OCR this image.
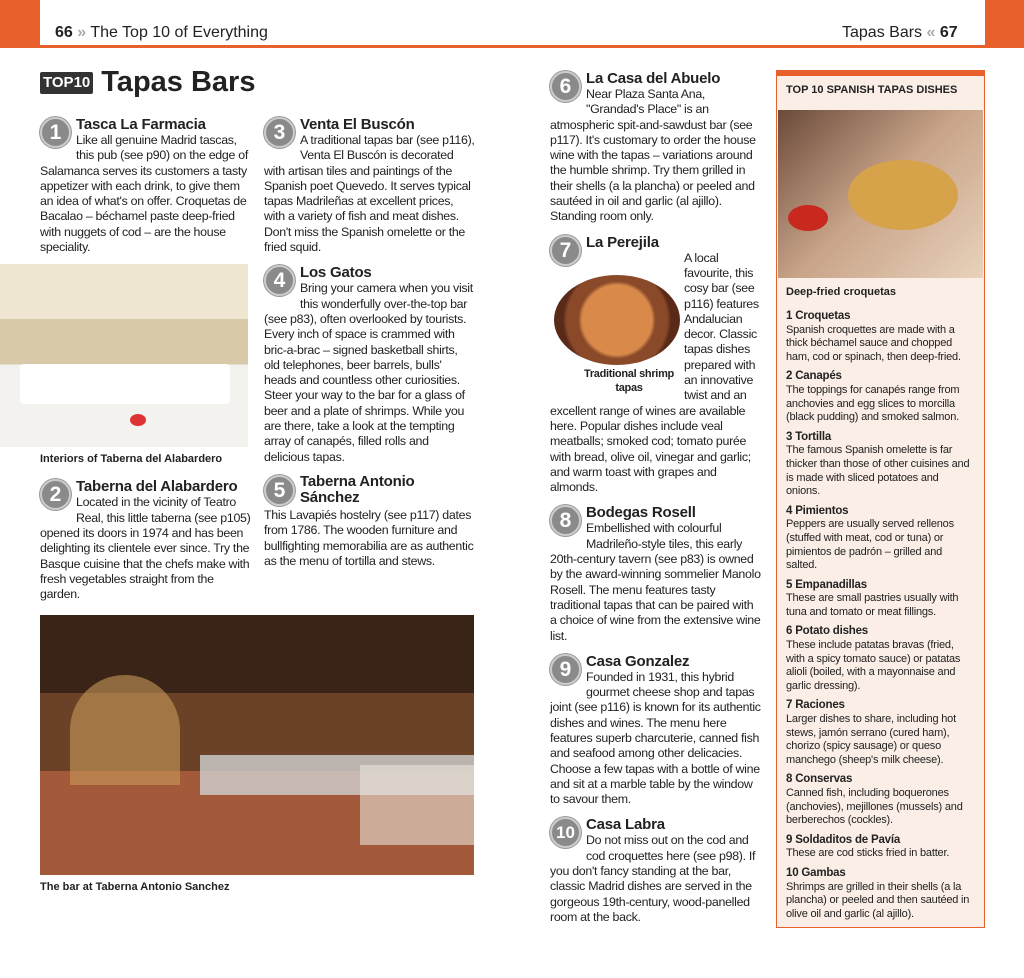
66 » The Top 10 of Everything	Tapas Bars « 67
TOP10 Tapas Bars
1 Tasca La Farmacia

Like all genuine Madrid tascas, this pub (see p90) on the edge of Salamanca serves its customers a tasty appetizer with each drink, to give them an idea of what's on offer. Croquetas de Bacalao – béchamel paste deep-fried with nuggets of cod – are the house speciality.

Interiors of Taberna del Alabardero
2 Taberna del Alabardero

Located in the vicinity of Teatro Real, this little taberna (see p105) opened its doors in 1974 and has been delighting its clientele ever since. Try the Basque cuisine that the chefs make with fresh vegetables straight from the garden.

3 Venta El Buscón

A traditional tapas bar (see p116), Venta El Buscón is decorated with artisan tiles and paintings of the Spanish poet Quevedo. It serves typical tapas Madrileñas at excellent prices, with a variety of fish and meat dishes. Don't miss the Spanish omelette or the fried squid.

4 Los Gatos

Bring your camera when you visit this wonderfully over-the-top bar (see p83), often overlooked by tourists. Every inch of space is crammed with bric-a-brac – signed basketball shirts, old telephones, beer barrels, bulls' heads and countless other curiosities. Steer your way to the bar for a glass of beer and a plate of shrimps. While you are there, take a look at the tempting array of canapés, filled rolls and delicious tapas.

5 Taberna Antonio Sánchez

This Lavapiés hostelry (see p117) dates from 1786. The wooden furniture and bullfighting memorabilia are as authentic as the menu of tortilla and stews.

The bar at Taberna Antonio Sanchez
6 La Casa del Abuelo

Near Plaza Santa Ana, "Grandad's Place" is an atmospheric spit-and-sawdust bar (see p117). It's customary to order the house wine with the tapas – variations around the humble shrimp. Try them grilled in their shells (a la plancha) or peeled and sautéed in oil and garlic (al ajillo). Standing room only.

7 La Perejila
Traditional shrimp tapas

A local favourite, this cosy bar (see p116) features Andalucian decor. Classic tapas dishes prepared with an innovative twist and an excellent range of wines are available here. Popular dishes include veal meatballs; smoked cod; tomato purée with bread, olive oil, vinegar and garlic; and warm toast with grapes and almonds.

8 Bodegas Rosell

Embellished with colourful Madrileño-style tiles, this early 20th-century tavern (see p83) is owned by the award-winning sommelier Manolo Rosell. The menu features tasty traditional tapas that can be paired with a choice of wine from the extensive wine list.

9 Casa Gonzalez

Founded in 1931, this hybrid gourmet cheese shop and tapas joint (see p116) is known for its authentic dishes and wines. The menu here features superb charcuterie, canned fish and seafood among other delicacies. Choose a few tapas with a bottle of wine and sit at a marble table by the window to savour them.

10 Casa Labra

Do not miss out on the cod and cod croquettes here (see p98). If you don't fancy standing at the bar, classic Madrid dishes are served in the gorgeous 19th-century, wood-panelled room at the back.

TOP 10 SPANISH TAPAS DISHES
Deep-fried croquetas
1 Croquetas
Spanish croquettes are made with a thick béchamel sauce and chopped ham, cod or spinach, then deep-fried.
2 Canapés
The toppings for canapés range from anchovies and egg slices to morcilla (black pudding) and smoked salmon.
3 Tortilla
The famous Spanish omelette is far thicker than those of other cuisines and is made with sliced potatoes and onions.
4 Pimientos
Peppers are usually served rellenos (stuffed with meat, cod or tuna) or pimientos de padrón – grilled and salted.
5 Empanadillas
These are small pastries usually with tuna and tomato or meat fillings.
6 Potato dishes
These include patatas bravas (fried, with a spicy tomato sauce) or patatas alioli (boiled, with a mayonnaise and garlic dressing).
7 Raciones
Larger dishes to share, including hot stews, jamón serrano (cured ham), chorizo (spicy sausage) or queso manchego (sheep's milk cheese).
8 Conservas
Canned fish, including boquerones (anchovies), mejillones (mussels) and berberechos (cockles).
9 Soldaditos de Pavía
These are cod sticks fried in batter.
10 Gambas
Shrimps are grilled in their shells (a la plancha) or peeled and then sautéed in olive oil and garlic (al ajillo).
